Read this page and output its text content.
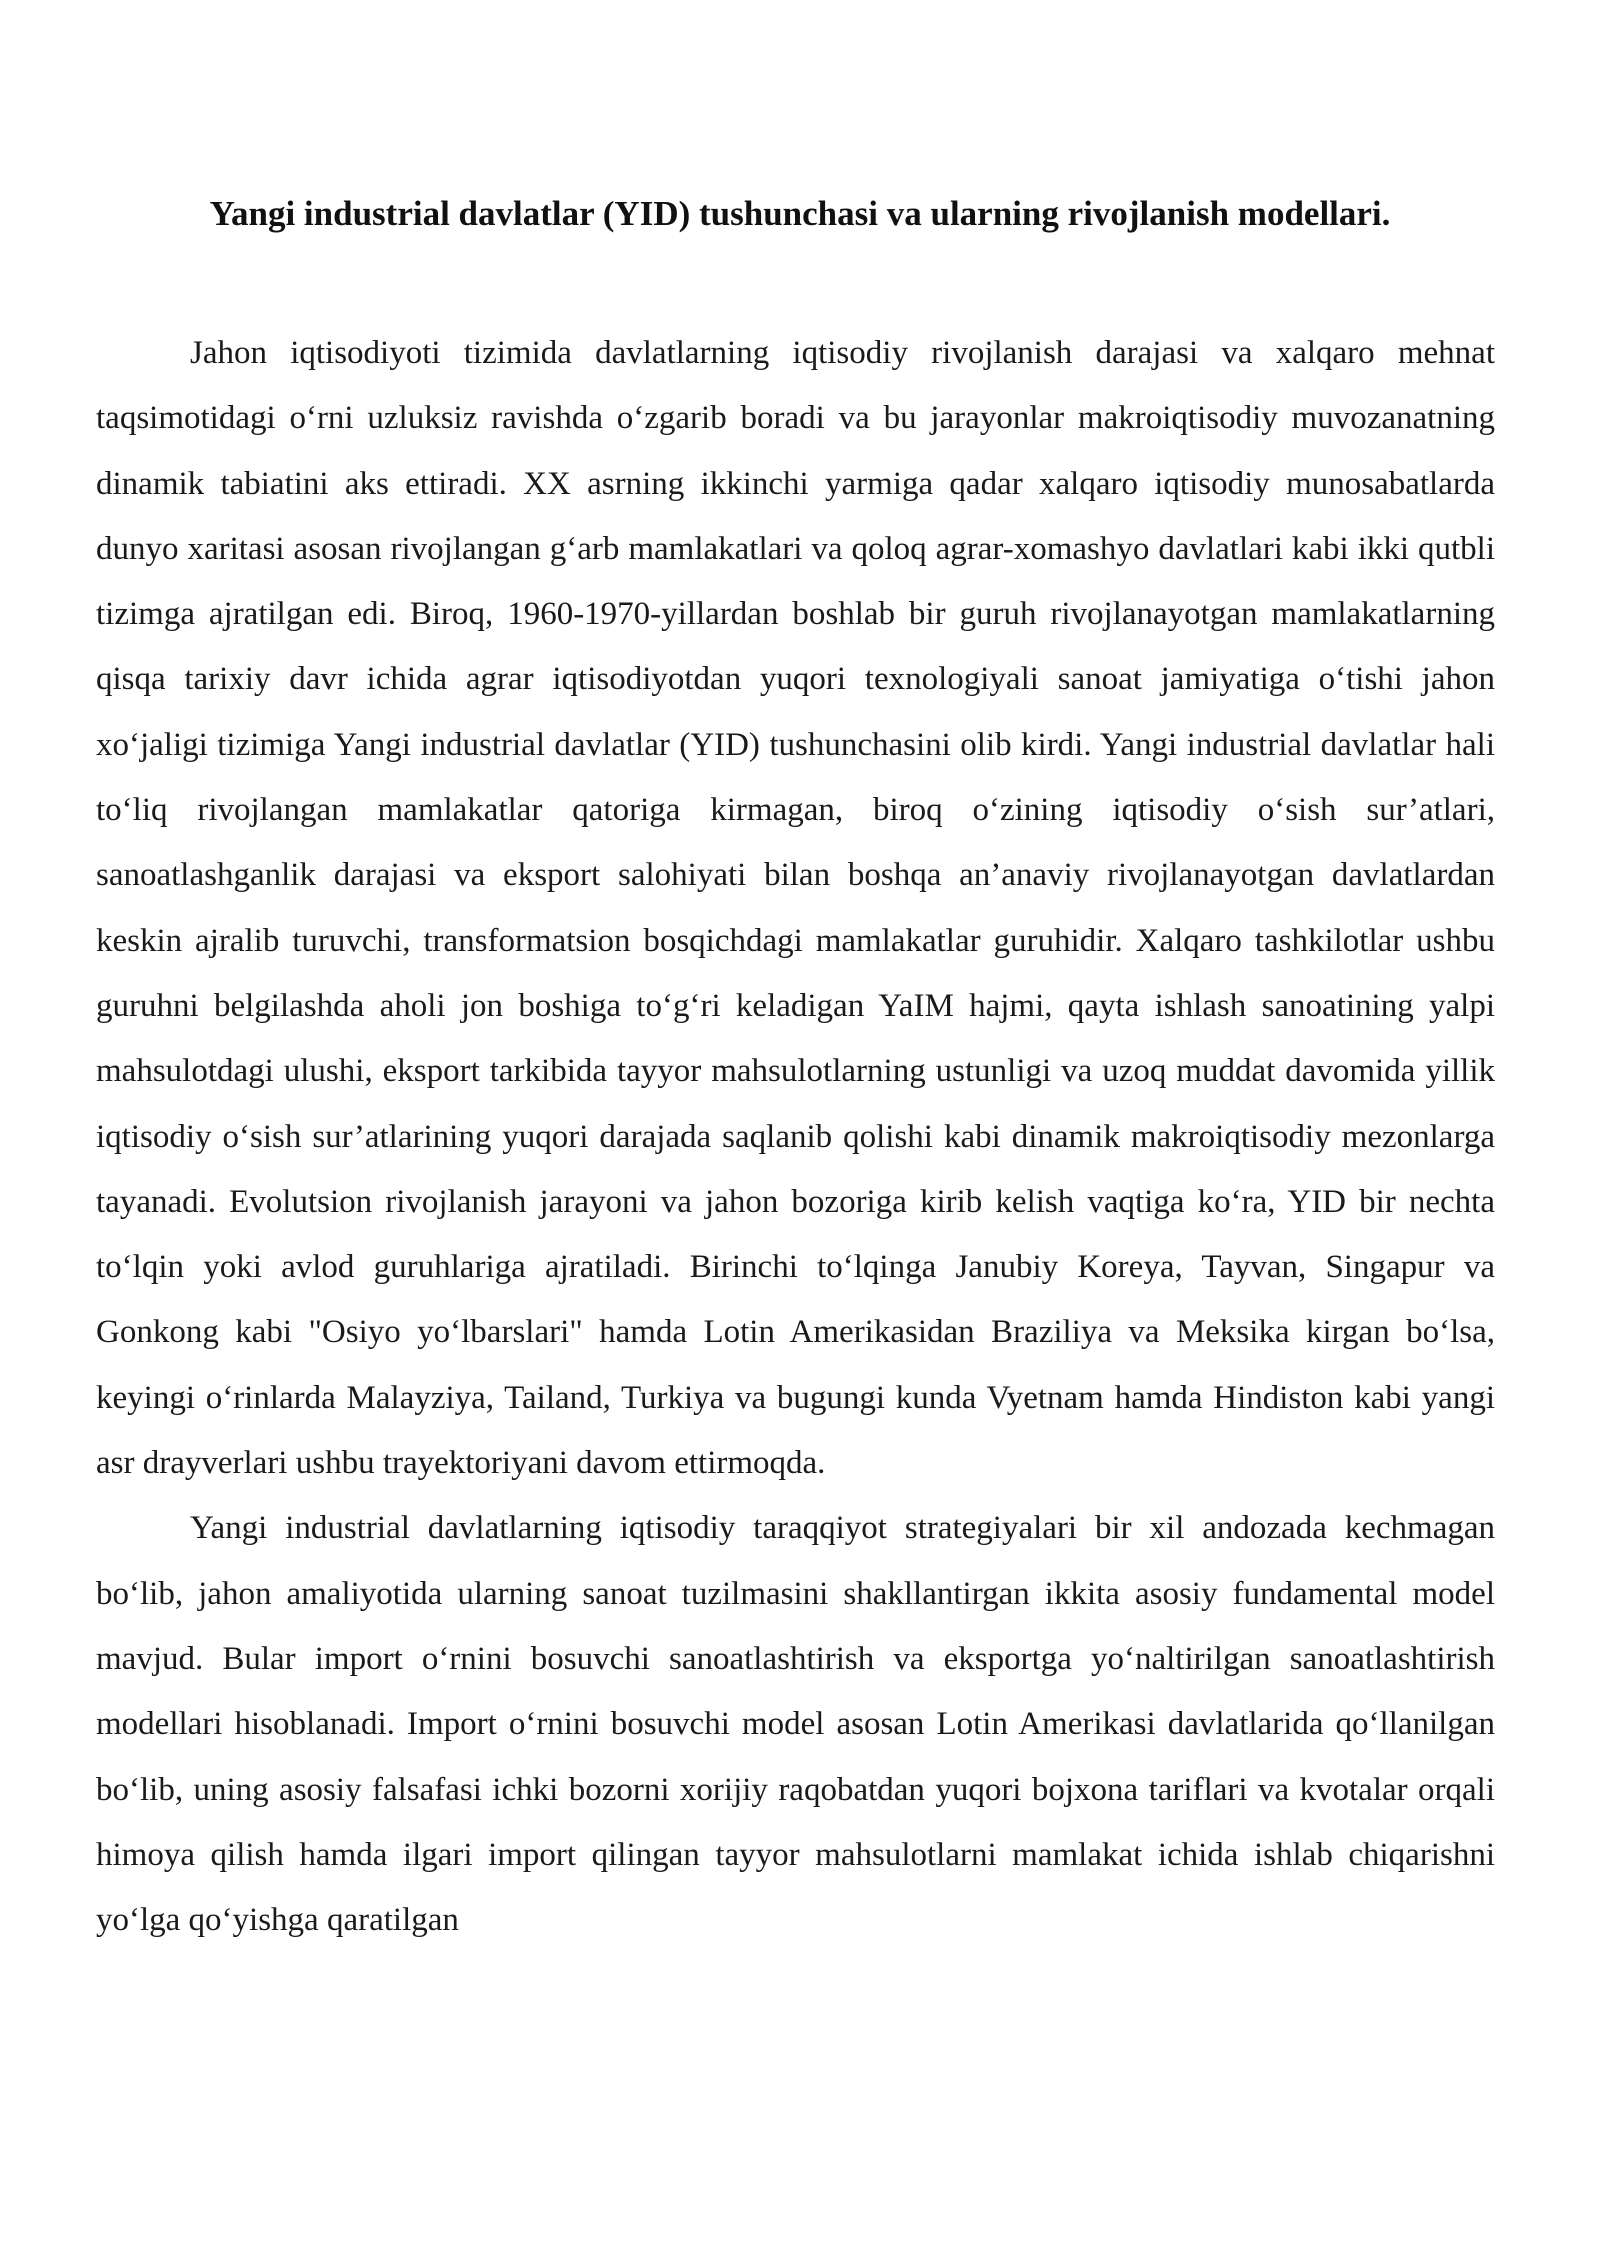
Yangi industrial davlatlar (YID) tushunchasi va ularning rivojlanish modellari.

Jahon iqtisodiyoti tizimida davlatlarning iqtisodiy rivojlanish darajasi va xalqaro mehnat taqsimotidagi o‘rni uzluksiz ravishda o‘zgarib boradi va bu jarayonlar makroiqtisodiy muvozanatning dinamik tabiatini aks ettiradi. XX asrning ikkinchi yarmiga qadar xalqaro iqtisodiy munosabatlarda dunyo xaritasi asosan rivojlangan g‘arb mamlakatlari va qoloq agrar-xomashyo davlatlari kabi ikki qutbli tizimga ajratilgan edi. Biroq, 1960-1970-yillardan boshlab bir guruh rivojlanayotgan mamlakatlarning qisqa tarixiy davr ichida agrar iqtisodiyotdan yuqori texnologiyali sanoat jamiyatiga o‘tishi jahon xo‘jaligi tizimiga Yangi industrial davlatlar (YID) tushunchasini olib kirdi. Yangi industrial davlatlar hali to‘liq rivojlangan mamlakatlar qatoriga kirmagan, biroq o‘zining iqtisodiy o‘sish sur’atlari, sanoatlashganlik darajasi va eksport salohiyati bilan boshqa an’anaviy rivojlanayotgan davlatlardan keskin ajralib turuvchi, transformatsion bosqichdagi mamlakatlar guruhidir. Xalqaro tashkilotlar ushbu guruhni belgilashda aholi jon boshiga to‘g‘ri keladigan YaIM hajmi, qayta ishlash sanoatining yalpi mahsulotdagi ulushi, eksport tarkibida tayyor mahsulotlarning ustunligi va uzoq muddat davomida yillik iqtisodiy o‘sish sur’atlarining yuqori darajada saqlanib qolishi kabi dinamik makroiqtisodiy mezonlarga tayanadi. Evolutsion rivojlanish jarayoni va jahon bozoriga kirib kelish vaqtiga ko‘ra, YID bir nechta to‘lqin yoki avlod guruhlariga ajratiladi. Birinchi to‘lqinga Janubiy Koreya, Tayvan, Singapur va Gonkong kabi "Osiyo yo‘lbarslari" hamda Lotin Amerikasidan Braziliya va Meksika kirgan bo‘lsa, keyingi o‘rinlarda Malayziya, Tailand, Turkiya va bugungi kunda Vyetnam hamda Hindiston kabi yangi asr drayverlari ushbu trayektoriyani davom ettirmoqda.

Yangi industrial davlatlarning iqtisodiy taraqqiyot strategiyalari bir xil andozada kechmagan bo‘lib, jahon amaliyotida ularning sanoat tuzilmasini shakllantirgan ikkita asosiy fundamental model mavjud. Bular import o‘rnini bosuvchi sanoatlashtirish va eksportga yo‘naltirilgan sanoatlashtirish modellari hisoblanadi. Import o‘rnini bosuvchi model asosan Lotin Amerikasi davlatlarida qo‘llanilgan bo‘lib, uning asosiy falsafasi ichki bozorni xorijiy raqobatdan yuqori bojxona tariflari va kvotalar orqali himoya qilish hamda ilgari import qilingan tayyor mahsulotlarni mamlakat ichida ishlab chiqarishni yo‘lga qo‘yishga qaratilgan
